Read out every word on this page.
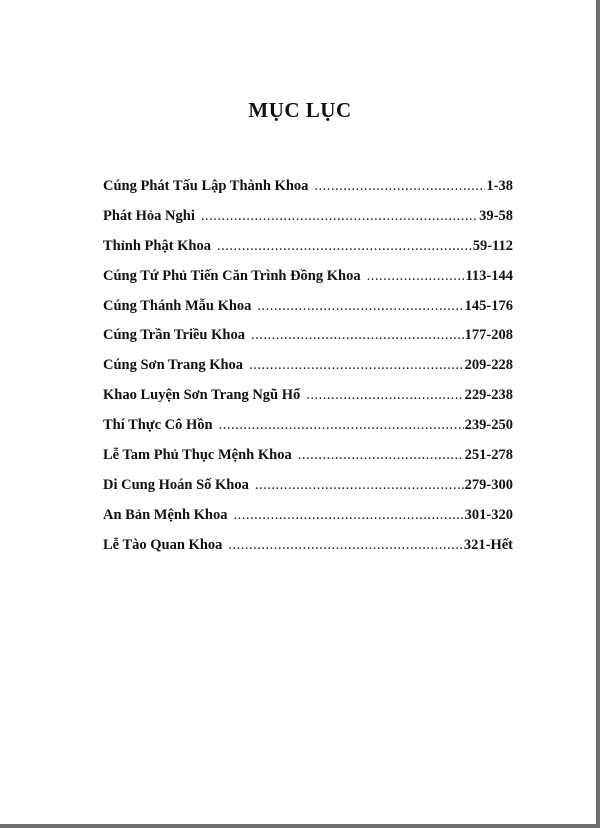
MỤC LỤC
Cúng Phát Tấu Lập Thành Khoa .....	1-38
Phát Hỏa Nghi .....	39-58
Thỉnh Phật Khoa .....	59-112
Cúng Tứ Phủ Tiến Căn Trình Đồng Khoa .....	113-144
Cúng Thánh Mẫu Khoa .....	145-176
Cúng Trần Triều Khoa .....	177-208
Cúng Sơn Trang Khoa .....	209-228
Khao Luyện Sơn Trang Ngũ Hổ .....	229-238
Thí Thực Cô Hồn .....	239-250
Lễ Tam Phủ Thục Mệnh Khoa .....	251-278
Di Cung Hoán Số Khoa .....	279-300
An Bản Mệnh Khoa .....	301-320
Lễ Tào Quan Khoa .....	321-Hết
